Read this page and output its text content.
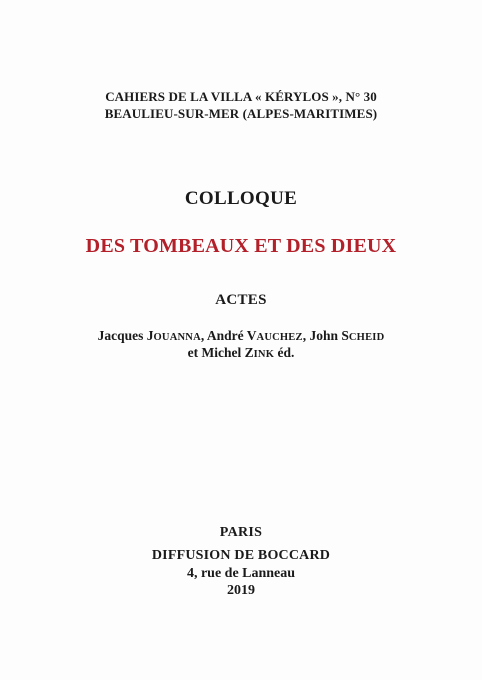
CAHIERS DE LA VILLA « KÉRYLOS », N° 30
BEAULIEU-SUR-MER (ALPES-MARITIMES)
COLLOQUE
DES TOMBEAUX ET DES DIEUX
ACTES
Jacques JOUANNA, André VAUCHEZ, John SCHEID
et Michel ZINK éd.
PARIS
DIFFUSION DE BOCCARD
4, rue de Lanneau
2019
